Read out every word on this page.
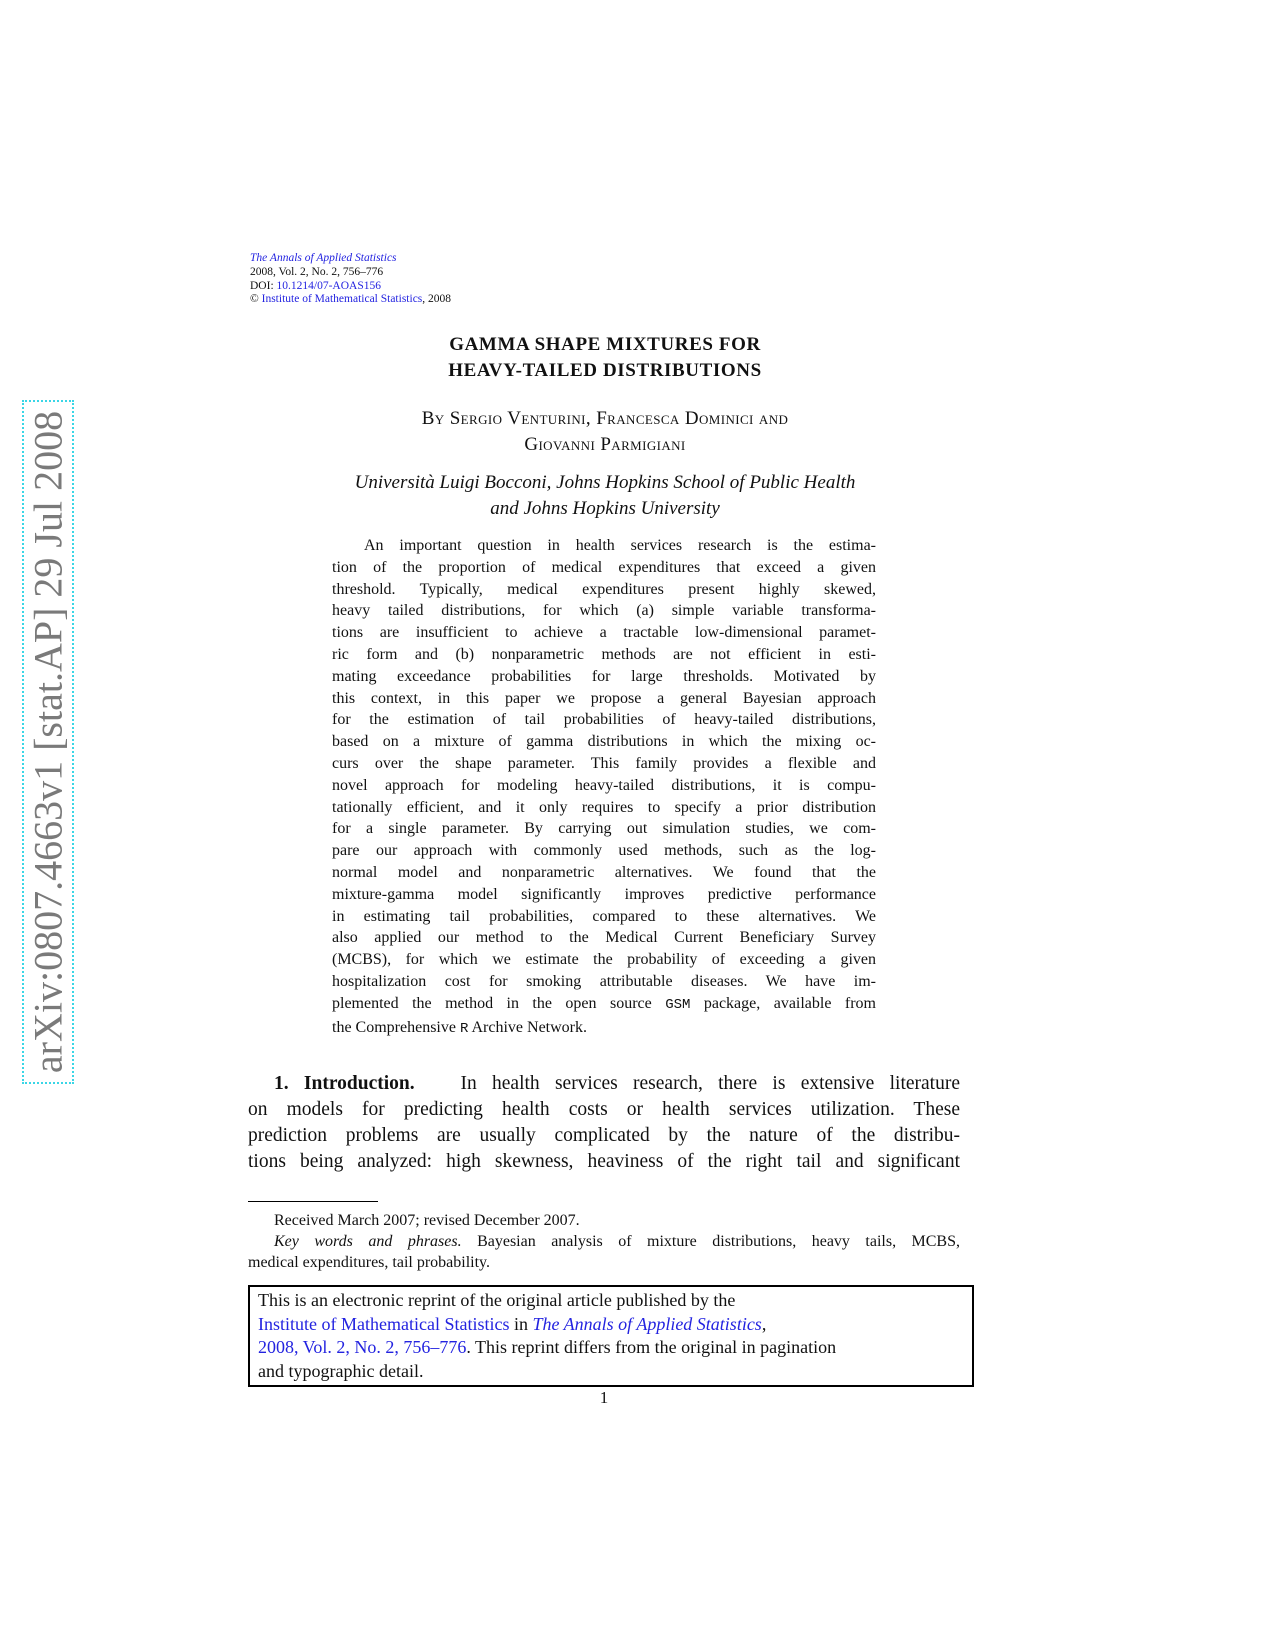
arXiv:0807.4663v1 [stat.AP] 29 Jul 2008
The Annals of Applied Statistics
2008, Vol. 2, No. 2, 756–776
DOI: 10.1214/07-AOAS156
© Institute of Mathematical Statistics, 2008
GAMMA SHAPE MIXTURES FOR
HEAVY-TAILED DISTRIBUTIONS
By Sergio Venturini, Francesca Dominici and
Giovanni Parmigiani
Università Luigi Bocconi, Johns Hopkins School of Public Health
and Johns Hopkins University
An important question in health services research is the estima-
tion of the proportion of medical expenditures that exceed a given
threshold. Typically, medical expenditures present highly skewed,
heavy tailed distributions, for which (a) simple variable transforma-
tions are insufficient to achieve a tractable low-dimensional paramet-
ric form and (b) nonparametric methods are not efficient in esti-
mating exceedance probabilities for large thresholds. Motivated by
this context, in this paper we propose a general Bayesian approach
for the estimation of tail probabilities of heavy-tailed distributions,
based on a mixture of gamma distributions in which the mixing oc-
curs over the shape parameter. This family provides a flexible and
novel approach for modeling heavy-tailed distributions, it is compu-
tationally efficient, and it only requires to specify a prior distribution
for a single parameter. By carrying out simulation studies, we com-
pare our approach with commonly used methods, such as the log-
normal model and nonparametric alternatives. We found that the
mixture-gamma model significantly improves predictive performance
in estimating tail probabilities, compared to these alternatives. We
also applied our method to the Medical Current Beneficiary Survey
(MCBS), for which we estimate the probability of exceeding a given
hospitalization cost for smoking attributable diseases. We have im-
plemented the method in the open source GSM package, available from
the Comprehensive R Archive Network.
1. Introduction. In health services research, there is extensive literature
on models for predicting health costs or health services utilization. These
prediction problems are usually complicated by the nature of the distribu-
tions being analyzed: high skewness, heaviness of the right tail and significant
Received March 2007; revised December 2007.
Key words and phrases. Bayesian analysis of mixture distributions, heavy tails, MCBS,
medical expenditures, tail probability.
This is an electronic reprint of the original article published by the
Institute of Mathematical Statistics in The Annals of Applied Statistics,
2008, Vol. 2, No. 2, 756–776. This reprint differs from the original in pagination
and typographic detail.
1
